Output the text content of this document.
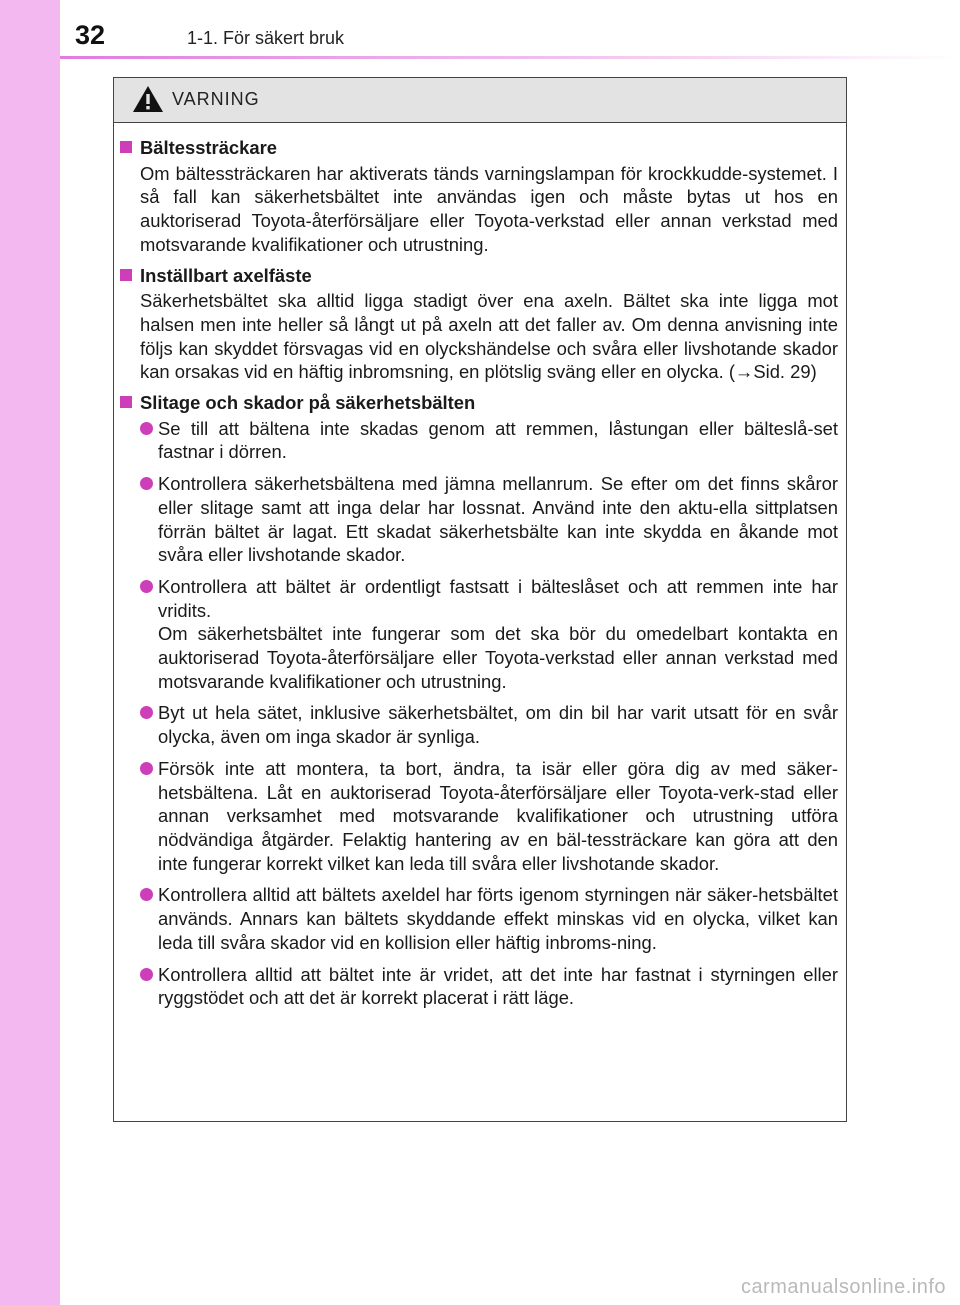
32	1-1. För säkert bruk
VARNING
Bältessträckare
Om bältessträckaren har aktiverats tänds varningslampan för krockkudde-systemet. I så fall kan säkerhetsbältet inte användas igen och måste bytas ut hos en auktoriserad Toyota-återförsäljare eller Toyota-verkstad eller annan verkstad med motsvarande kvalifikationer och utrustning.
Inställbart axelfäste
Säkerhetsbältet ska alltid ligga stadigt över ena axeln. Bältet ska inte ligga mot halsen men inte heller så långt ut på axeln att det faller av. Om denna anvisning inte följs kan skyddet försvagas vid en olyckshändelse och svåra eller livshotande skador kan orsakas vid en häftig inbromsning, en plötslig sväng eller en olycka. (→Sid. 29)
Slitage och skador på säkerhetsbälten
Se till att bältena inte skadas genom att remmen, låstungan eller bälteslå-set fastnar i dörren.
Kontrollera säkerhetsbältena med jämna mellanrum. Se efter om det finns skåror eller slitage samt att inga delar har lossnat. Använd inte den aktu-ella sittplatsen förrän bältet är lagat. Ett skadat säkerhetsbälte kan inte skydda en åkande mot svåra eller livshotande skador.
Kontrollera att bältet är ordentligt fastsatt i bälteslåset och att remmen inte har vridits.
Om säkerhetsbältet inte fungerar som det ska bör du omedelbart kontakta en auktoriserad Toyota-återförsäljare eller Toyota-verkstad eller annan verkstad med motsvarande kvalifikationer och utrustning.
Byt ut hela sätet, inklusive säkerhetsbältet, om din bil har varit utsatt för en svår olycka, även om inga skador är synliga.
Försök inte att montera, ta bort, ändra, ta isär eller göra dig av med säker-hetsbältena. Låt en auktoriserad Toyota-återförsäljare eller Toyota-verk-stad eller annan verksamhet med motsvarande kvalifikationer och utrustning utföra nödvändiga åtgärder. Felaktig hantering av en bäl-tessträckare kan göra att den inte fungerar korrekt vilket kan leda till svåra eller livshotande skador.
Kontrollera alltid att bältets axeldel har förts igenom styrningen när säker-hetsbältet används. Annars kan bältets skyddande effekt minskas vid en olycka, vilket kan leda till svåra skador vid en kollision eller häftig inbroms-ning.
Kontrollera alltid att bältet inte är vridet, att det inte har fastnat i styrningen eller ryggstödet och att det är korrekt placerat i rätt läge.
carmanualsonline.info
